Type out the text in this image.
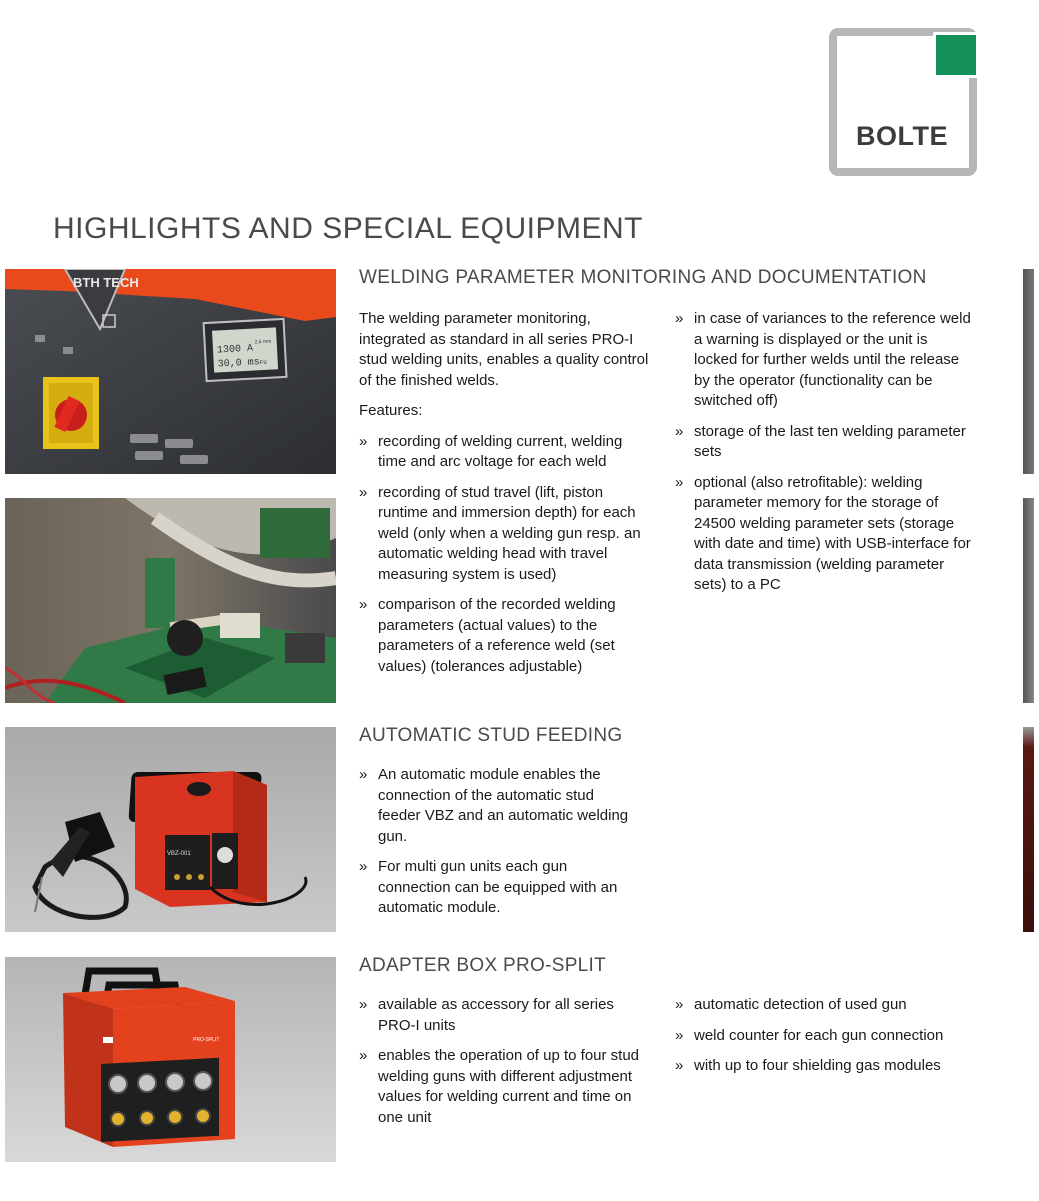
BOLTE
HIGHLIGHTS AND SPECIAL EQUIPMENT
BTH TECH
1300 A
30,0 ms
2.6 mm
Fü
VBZ-001
PRO-SPLIT
WELDING PARAMETER MONITORING AND DOCUMENTATION

The welding parameter monitoring, integrated as standard in all series PRO-I stud welding units, enables a quality control of the finished welds.

Features:

» recording of welding current, welding time and arc voltage for each weld
» recording of stud travel (lift, piston runtime and immersion depth) for each weld (only when a welding gun resp. an automatic welding head with travel measuring system is used)
» comparison of the recorded welding parameters (actual values) to the parameters of a reference weld (set values) (tolerances adjustable)
» in case of variances to the reference weld a warning is displayed or the unit is locked for further welds until the release by the operator (functionality can be switched off)
» storage of the last ten welding parameter sets
» optional (also retrofitable): welding parameter memory for the storage of 24500 welding parameter sets (storage with date and time) with USB-interface for data transmission (welding parameter sets) to a PC
AUTOMATIC STUD FEEDING
» An automatic module enables the connection of the automatic stud feeder VBZ and an automatic welding gun.
» For multi gun units each gun connection can be equipped with an automatic module.
ADAPTER BOX PRO-SPLIT
» available as accessory for all series PRO-I units
» enables the operation of up to four stud welding guns with different adjustment values for welding current and time on one unit
» automatic detection of used gun
» weld counter for each gun connection
» with up to four shielding gas modules
